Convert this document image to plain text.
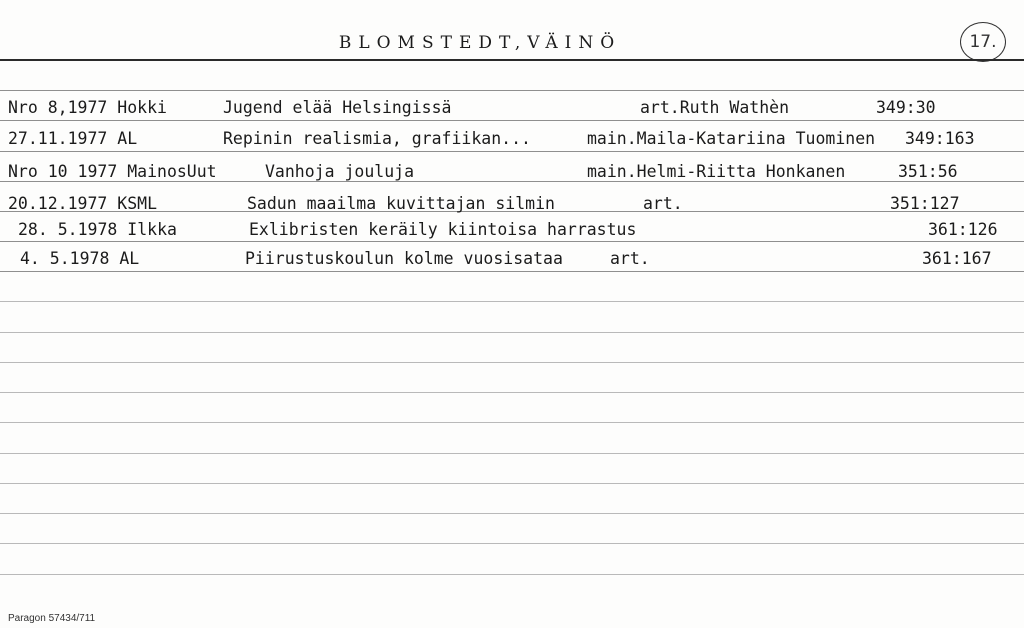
BLOMSTEDT,VÄINÖ	17.
Nro 8,1977 Hokki	Jugend elää Helsingissä	art.Ruth Wathèn	349:30
27.11.1977 AL	Repinin realismia, grafiikan...	main.Maila-Katariina Tuominen 349:163
Nro 10 1977 MainosUut	Vanhoja jouluja	main.Helmi-Riitta Honkanen	351:56
20.12.1977 KSML	Sadun maailma kuvittajan silmin	art.	351:127
28. 5.1978 Ilkka	Exlibristen keräily kiintoisa harrastus	361:126
4. 5.1978 AL	Piirustuskoulun kolme vuosisataa	art.	361:167
Paragon 57434/711
